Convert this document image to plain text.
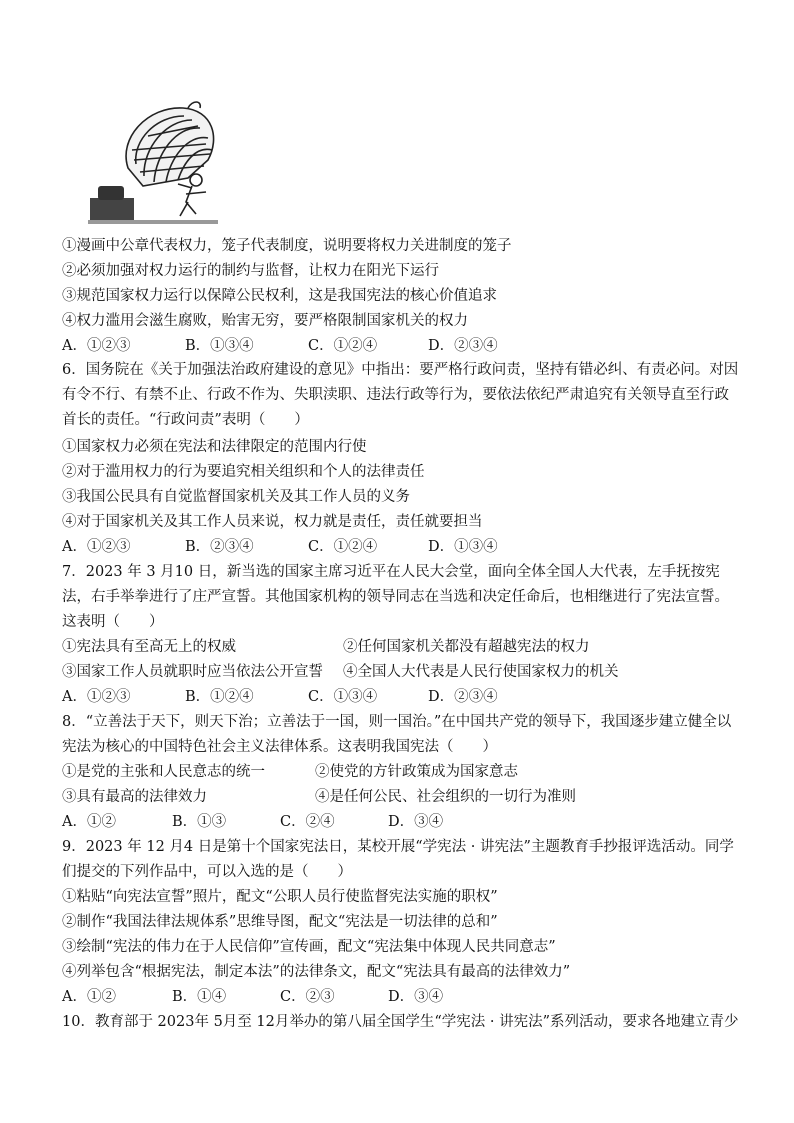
①漫画中公章代表权力，笼子代表制度，说明要将权力关进制度的笼子
②必须加强对权力运行的制约与监督，让权力在阳光下运行
③规范国家权力运行以保障公民权利，这是我国宪法的核心价值追求
④权力滥用会滋生腐败，贻害无穷，要严格限制国家机关的权力
A．①②③	B．①③④	C．①②④	D．②③④
6．国务院在《关于加强法治政府建设的意见》中指出：要严格行政问责，坚持有错必纠、有责必问。对因有令不行、有禁不止、行政不作为、失职渎职、违法行政等行为，要依法依纪严肃追究有关领导直至行政首长的责任。“行政问责”表明（　　）
①国家权力必须在宪法和法律限定的范围内行使
②对于滥用权力的行为要追究相关组织和个人的法律责任
③我国公民具有自觉监督国家机关及其工作人员的义务
④对于国家机关及其工作人员来说，权力就是责任，责任就要担当
A．①②③	B．②③④	C．①②④	D．①③④
7．2023 年 3 月10 日，新当选的国家主席习近平在人民大会堂，面向全体全国人大代表，左手抚按宪法，右手举拳进行了庄严宣誓。其他国家机构的领导同志在当选和决定任命后，也相继进行了宪法宣誓。这表明（　　）
①宪法具有至高无上的权威	②任何国家机关都没有超越宪法的权力
③国家工作人员就职时应当依法公开宣誓 ④全国人大代表是人民行使国家权力的机关
A．①②③	B．①②④	C．①③④	D．②③④
8．“立善法于天下，则天下治；立善法于一国，则一国治。”在中国共产党的领导下，我国逐步建立健全以宪法为核心的中国特色社会主义法律体系。这表明我国宪法（　　）
①是党的主张和人民意志的统一	②使党的方针政策成为国家意志
③具有最高的法律效力	④是任何公民、社会组织的一切行为准则
A．①②	B．①③	C．②④	D．③④
9．2023 年 12 月4 日是第十个国家宪法日，某校开展“学宪法 · 讲宪法”主题教育手抄报评选活动。同学们提交的下列作品中，可以入选的是（　　）
①粘贴“向宪法宣誓”照片，配文“公职人员行使监督宪法实施的职权”
②制作“我国法律法规体系”思维导图，配文“宪法是一切法律的总和”
③绘制“宪法的伟力在于人民信仰”宣传画，配文“宪法集中体现人民共同意志”
④列举包含“根据宪法，制定本法”的法律条文，配文“宪法具有最高的法律效力”
A．①②	B．①④	C．②③	D．③④
10．教育部于 2023年 5月至 12月举办的第八届全国学生“学宪法 · 讲宪法”系列活动，要求各地建立青少
